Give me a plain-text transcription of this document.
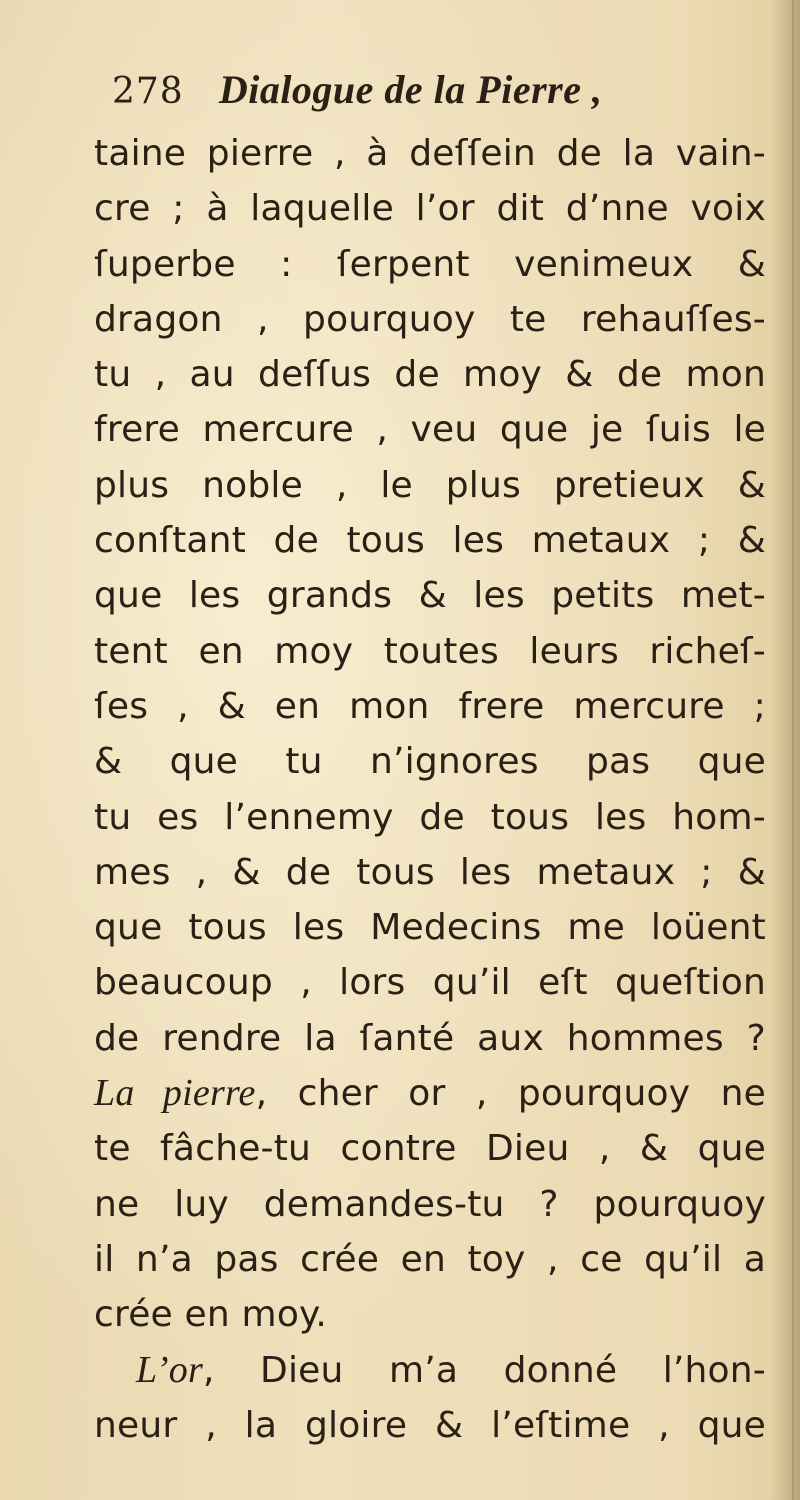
278 Dialogue de la Pierre ,
taine pierre , à deſſein de la vain-
cre ; à laquelle l’or dit d’nne voix
ſuperbe : ſerpent venimeux &
dragon , pourquoy te rehauſſes-
tu , au deſſus de moy & de mon
frere mercure , veu que je ſuis le
plus noble , le plus pretieux &
conſtant de tous les metaux ; &
que les grands & les petits met-
tent en moy toutes leurs richeſ-
ſes , & en mon frere mercure ;
& que tu n’ignores pas que
tu es l’ennemy de tous les hom-
mes , & de tous les metaux ; &
que tous les Medecins me loüent
beaucoup , lors qu’il eſt queſtion
de rendre la ſanté aux hommes ?
La pierre, cher or , pourquoy ne
te fâche-tu contre Dieu , & que
ne luy demandes-tu ? pourquoy
il n’a pas crée en toy , ce qu’il a
crée en moy.
L’or, Dieu m’a donné l’hon-
neur , la gloire & l’eſtime , que
